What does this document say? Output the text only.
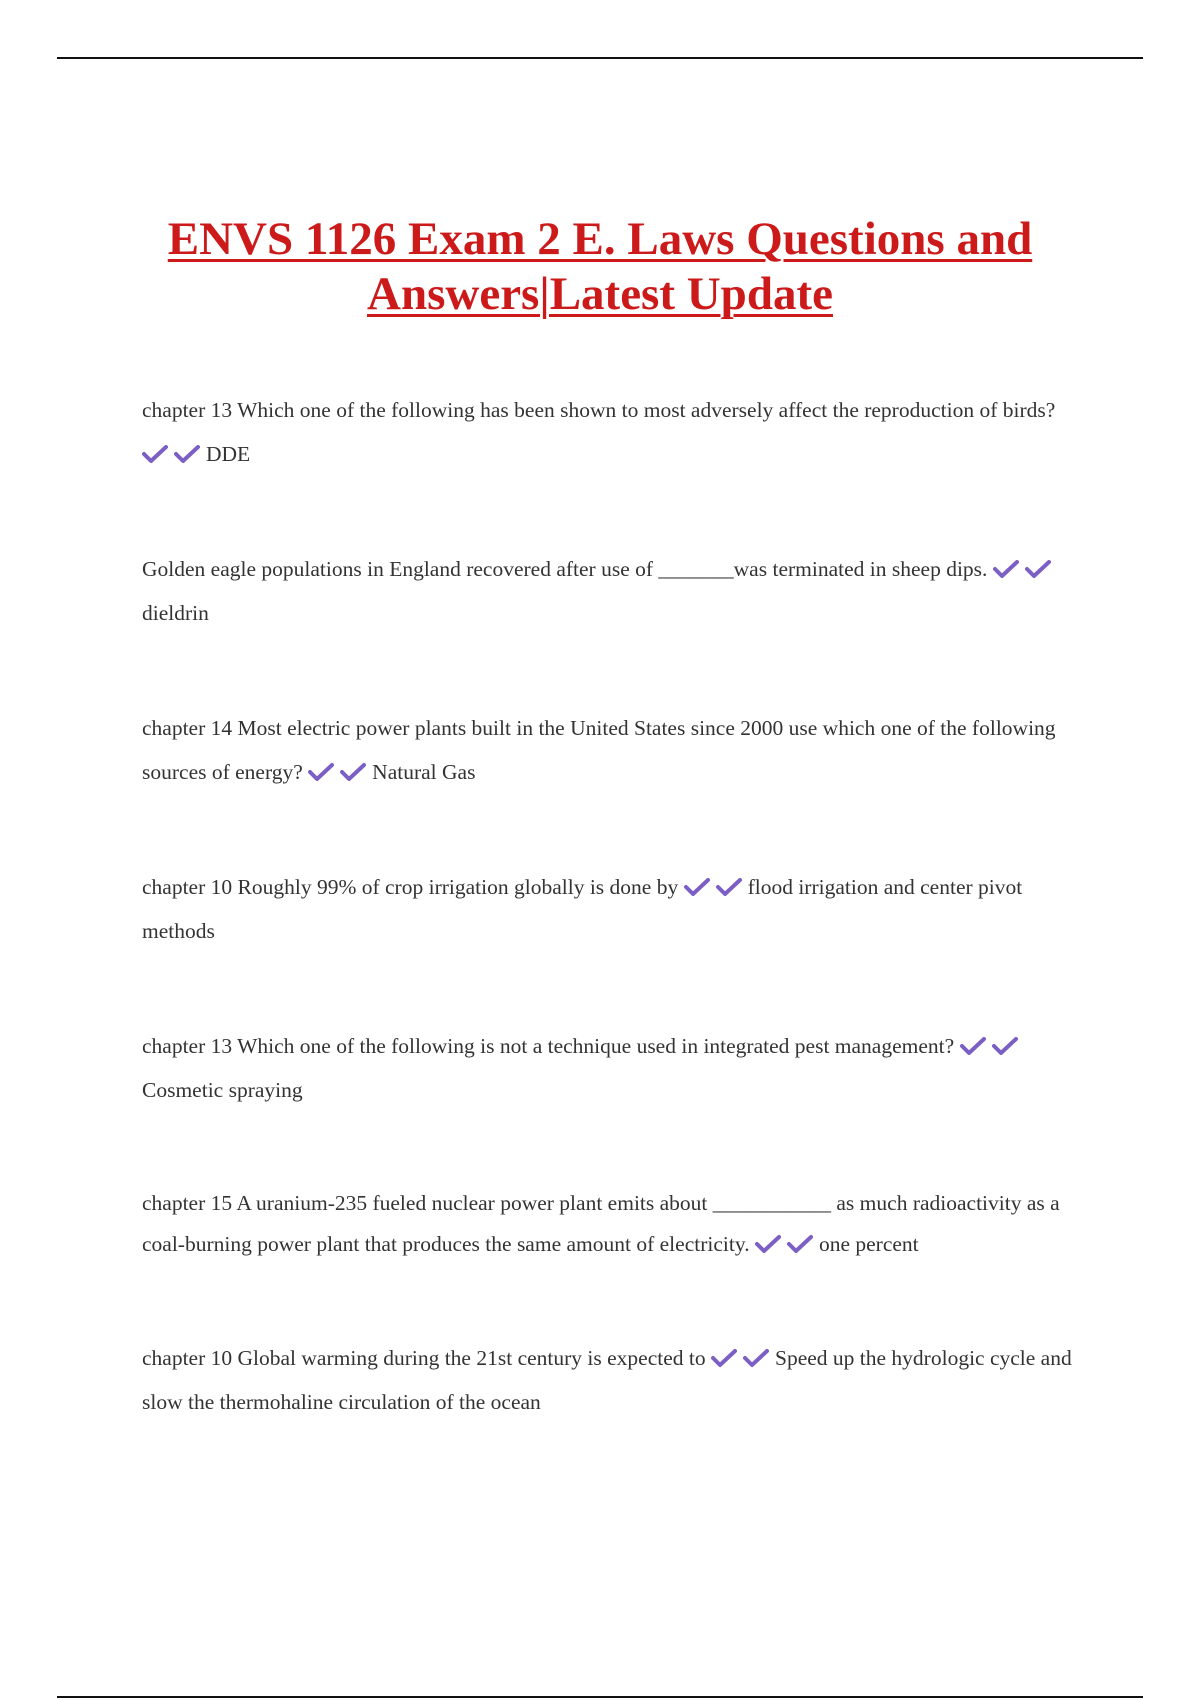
ENVS 1126 Exam 2 E. Laws Questions and Answers|Latest Update

chapter 13 Which one of the following has been shown to most adversely affect the reproduction of birds?
DDE

Golden eagle populations in England recovered after use of _______was terminated in sheep dips.
dieldrin

chapter 14 Most electric power plants built in the United States since 2000 use which one of the following sources of energy?	Natural Gas

chapter 10 Roughly 99% of crop irrigation globally is done by	flood irrigation and center pivot methods

chapter 13 Which one of the following is not a technique used in integrated pest management?
Cosmetic spraying

chapter 15 A uranium-235 fueled nuclear power plant emits about ___________ as much radioactivity as a coal-burning power plant that produces the same amount of electricity.	one percent

chapter 10 Global warming during the 21st century is expected to	Speed up the hydrologic cycle and slow the thermohaline circulation of the ocean
